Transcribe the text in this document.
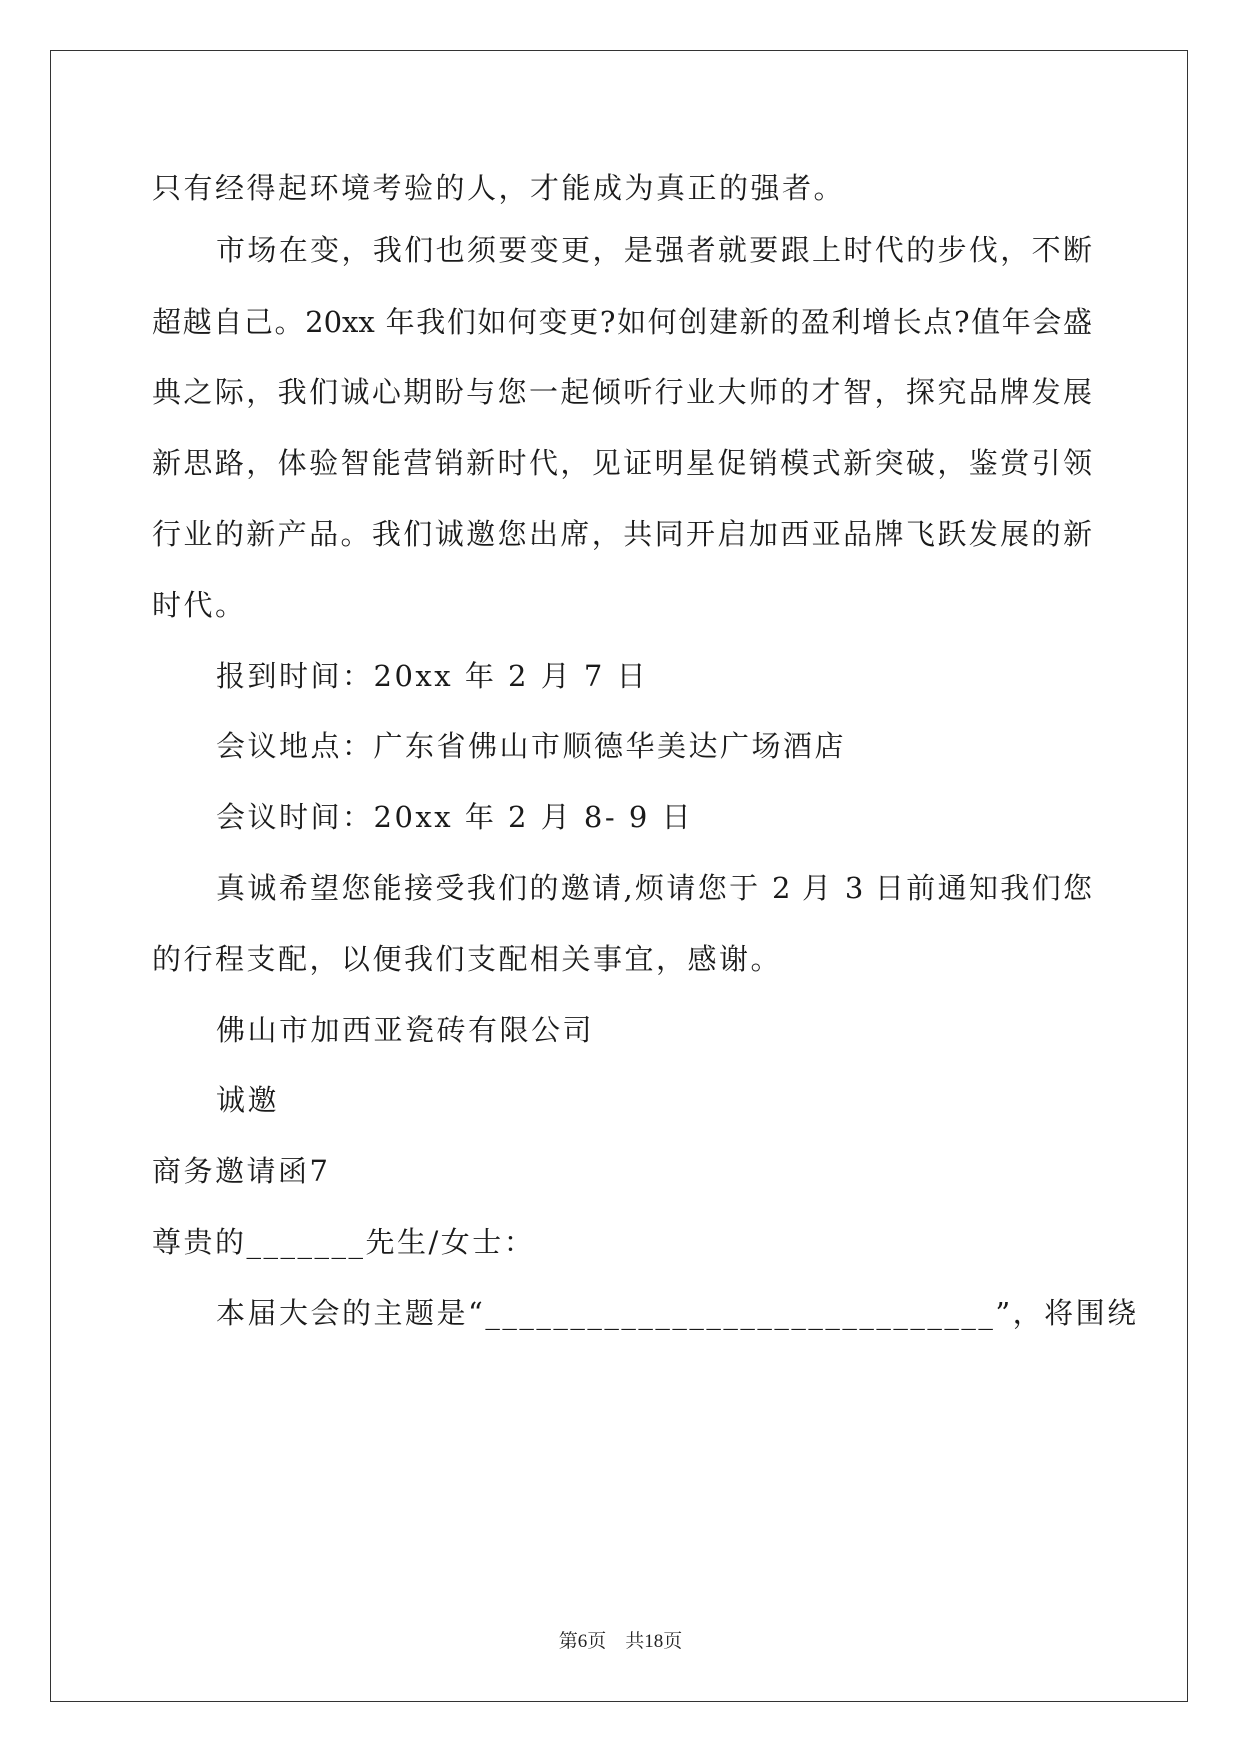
只有经得起环境考验的人，才能成为真正的强者。
市场在变，我们也须要变更，是强者就要跟上时代的步伐，不断
超越自己。20xx 年我们如何变更?如何创建新的盈利增长点?值年会盛
典之际，我们诚心期盼与您一起倾听行业大师的才智，探究品牌发展
新思路，体验智能营销新时代，见证明星促销模式新突破，鉴赏引领
行业的新产品。我们诚邀您出席，共同开启加西亚品牌飞跃发展的新
时代。
报到时间：20xx 年 2 月 7 日
会议地点：广东省佛山市顺德华美达广场酒店
会议时间：20xx 年 2 月 8- 9 日
真诚希望您能接受我们的邀请,烦请您于 2 月 3 日前通知我们您
的行程支配，以便我们支配相关事宜，感谢。
佛山市加西亚瓷砖有限公司
诚邀
商务邀请函7
尊贵的_______先生/女士：
本届大会的主题是“______________________________”，将围绕
第6页　共18页
